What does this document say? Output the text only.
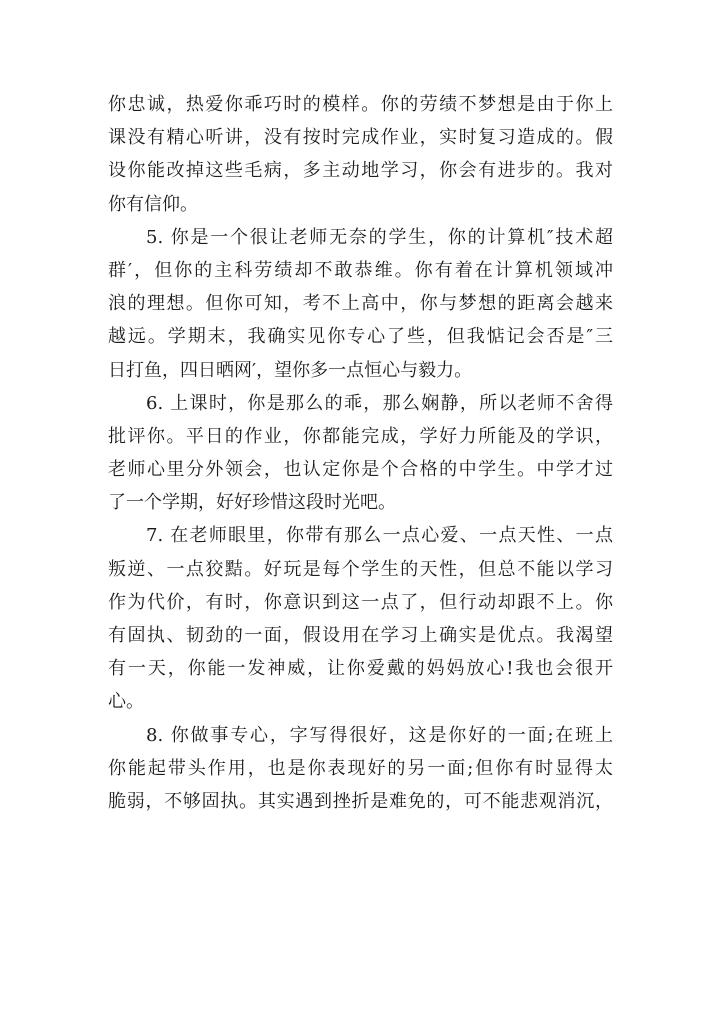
你忠诚，热爱你乖巧时的模样。你的劳绩不梦想是由于你上
课没有精心听讲，没有按时完成作业，实时复习造成的。假
设你能改掉这些毛病，多主动地学习，你会有进步的。我对
你有信仰。
5. 你是一个很让老师无奈的学生，你的计算机″技术超
群′，但你的主科劳绩却不敢恭维。你有着在计算机领域冲
浪的理想。但你可知，考不上高中，你与梦想的距离会越来
越远。学期末，我确实见你专心了些，但我惦记会否是″三
日打鱼，四日晒网′，望你多一点恒心与毅力。
6. 上课时，你是那么的乖，那么娴静，所以老师不舍得
批评你。平日的作业，你都能完成，学好力所能及的学识，
老师心里分外领会，也认定你是个合格的中学生。中学才过
了一个学期，好好珍惜这段时光吧。
7. 在老师眼里，你带有那么一点心爱、一点天性、一点
叛逆、一点狡黠。好玩是每个学生的天性，但总不能以学习
作为代价，有时，你意识到这一点了，但行动却跟不上。你
有固执、韧劲的一面，假设用在学习上确实是优点。我渴望
有一天，你能一发神威，让你爱戴的妈妈放心!我也会很开
心。
8. 你做事专心，字写得很好，这是你好的一面;在班上
你能起带头作用，也是你表现好的另一面;但你有时显得太
脆弱，不够固执。其实遇到挫折是难免的，可不能悲观消沉，
